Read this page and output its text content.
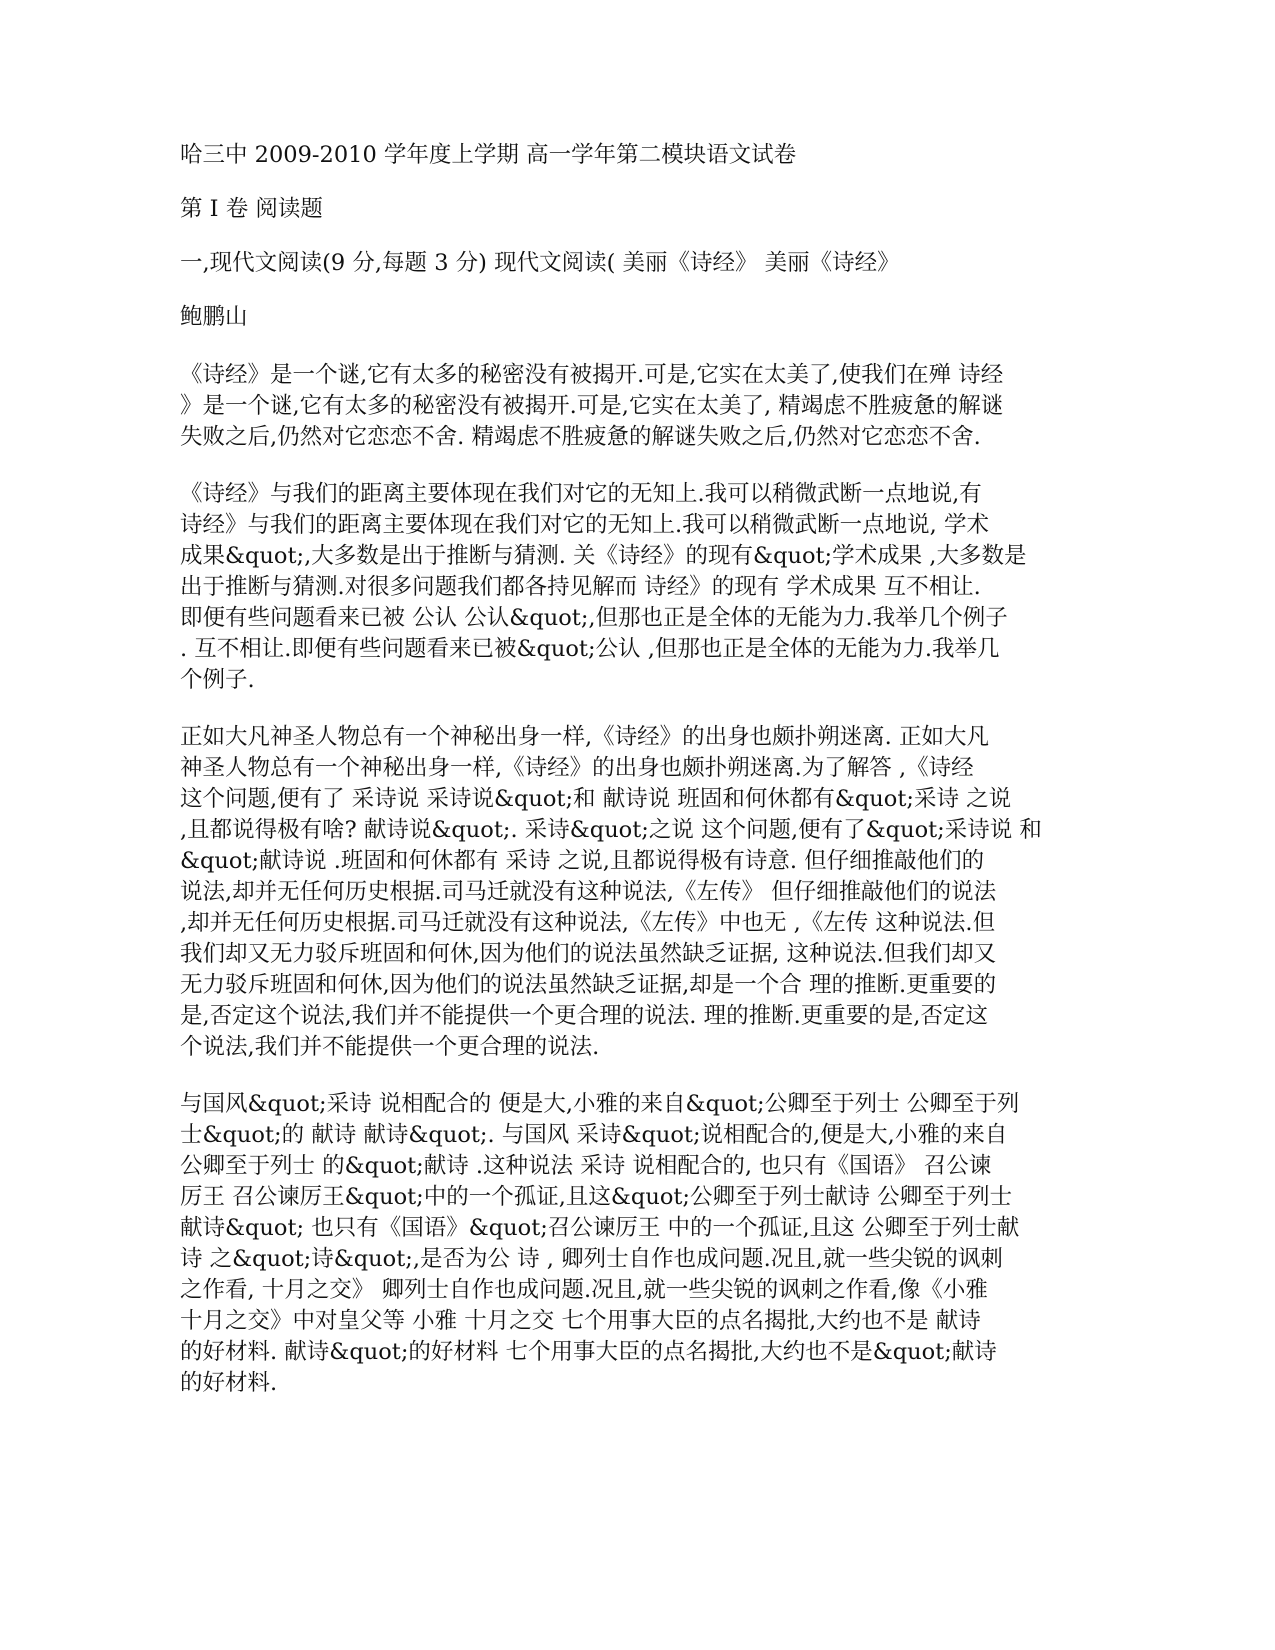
哈三中 2009-2010 学年度上学期 高一学年第二模块语文试卷

第 I 卷 阅读题

一,现代文阅读(9 分,每题 3 分) 现代文阅读( 美丽《诗经》 美丽《诗经》

鲍鹏山

《诗经》是一个谜,它有太多的秘密没有被揭开.可是,它实在太美了,使我们在殚 诗经

》是一个谜,它有太多的秘密没有被揭开.可是,它实在太美了, 精竭虑不胜疲惫的解谜

失败之后,仍然对它恋恋不舍. 精竭虑不胜疲惫的解谜失败之后,仍然对它恋恋不舍.

《诗经》与我们的距离主要体现在我们对它的无知上.我可以稍微武断一点地说,有

诗经》与我们的距离主要体现在我们对它的无知上.我可以稍微武断一点地说, 学术

成果&quot;,大多数是出于推断与猜测. 关《诗经》的现有&quot;学术成果 ,大多数是

出于推断与猜测.对很多问题我们都各持见解而 诗经》的现有 学术成果 互不相让.

即便有些问题看来已被 公认 公认&quot;,但那也正是全体的无能为力.我举几个例子

. 互不相让.即便有些问题看来已被&quot;公认 ,但那也正是全体的无能为力.我举几

个例子.

正如大凡神圣人物总有一个神秘出身一样,《诗经》的出身也颇扑朔迷离. 正如大凡

神圣人物总有一个神秘出身一样,《诗经》的出身也颇扑朔迷离.为了解答 ,《诗经

这个问题,便有了 采诗说 采诗说&quot;和 献诗说 班固和何休都有&quot;采诗 之说

,且都说得极有啥? 献诗说&quot;. 采诗&quot;之说 这个问题,便有了&quot;采诗说 和

&quot;献诗说 .班固和何休都有 采诗 之说,且都说得极有诗意. 但仔细推敲他们的

说法,却并无任何历史根据.司马迁就没有这种说法,《左传》 但仔细推敲他们的说法

,却并无任何历史根据.司马迁就没有这种说法,《左传》中也无 ,《左传 这种说法.但

我们却又无力驳斥班固和何休,因为他们的说法虽然缺乏证据, 这种说法.但我们却又

无力驳斥班固和何休,因为他们的说法虽然缺乏证据,却是一个合 理的推断.更重要的

是,否定这个说法,我们并不能提供一个更合理的说法. 理的推断.更重要的是,否定这

个说法,我们并不能提供一个更合理的说法.

与国风&quot;采诗 说相配合的 便是大,小雅的来自&quot;公卿至于列士 公卿至于列

士&quot;的 献诗 献诗&quot;. 与国风 采诗&quot;说相配合的,便是大,小雅的来自

公卿至于列士 的&quot;献诗 .这种说法 采诗 说相配合的, 也只有《国语》 召公谏

厉王 召公谏厉王&quot;中的一个孤证,且这&quot;公卿至于列士献诗 公卿至于列士

献诗&quot; 也只有《国语》&quot;召公谏厉王 中的一个孤证,且这 公卿至于列士献

诗 之&quot;诗&quot;,是否为公 诗 , 卿列士自作也成问题.况且,就一些尖锐的讽刺

之作看, 十月之交》 卿列士自作也成问题.况且,就一些尖锐的讽刺之作看,像《小雅

十月之交》中对皇父等 小雅 十月之交 七个用事大臣的点名揭批,大约也不是 献诗

的好材料. 献诗&quot;的好材料 七个用事大臣的点名揭批,大约也不是&quot;献诗

的好材料.
